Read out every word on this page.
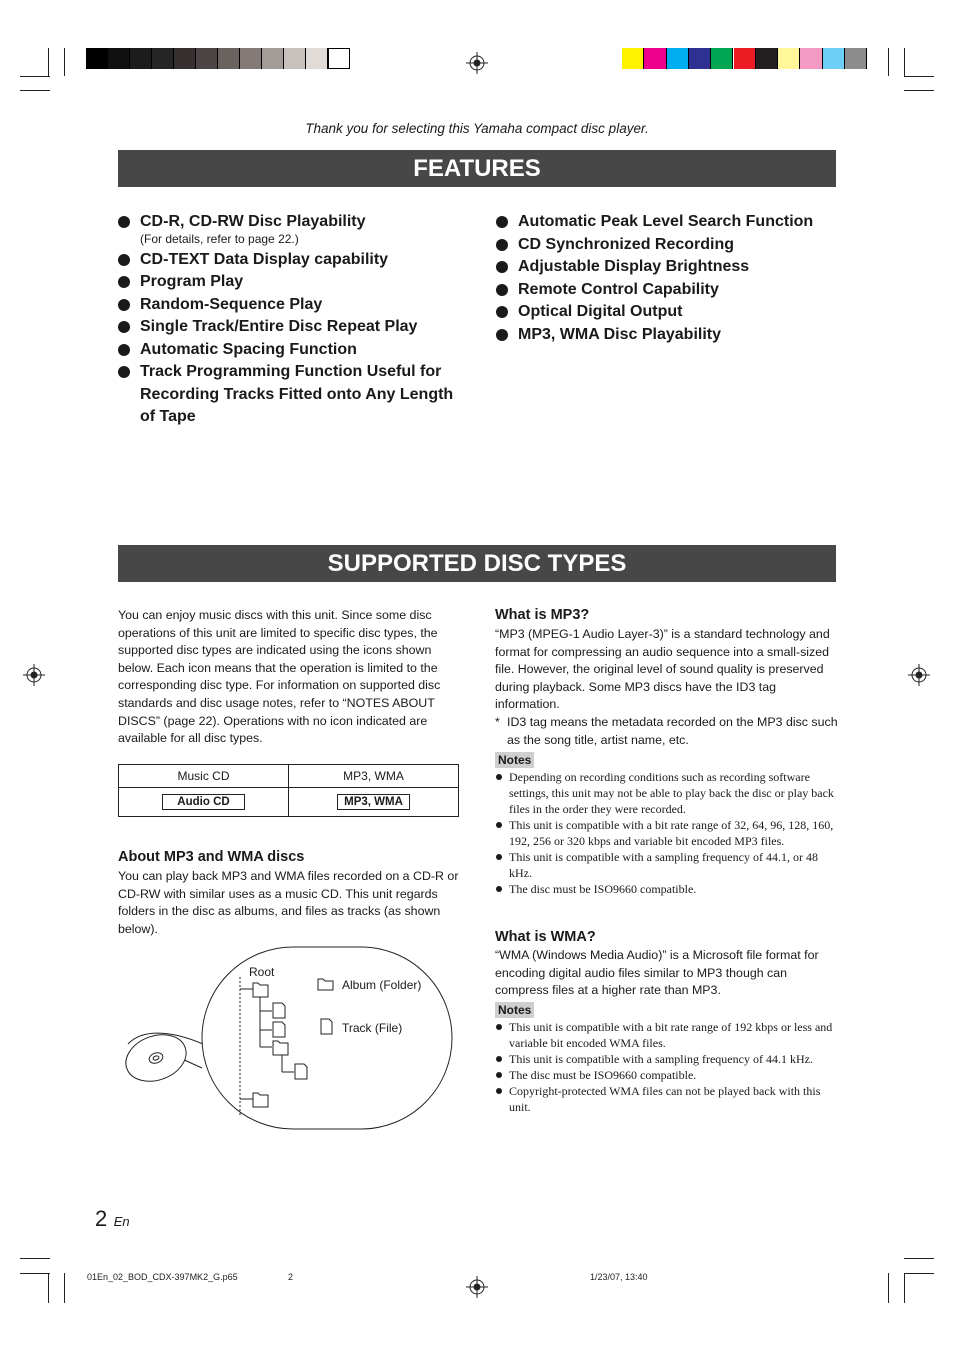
Thank you for selecting this Yamaha compact disc player.
FEATURES
CD-R, CD-RW Disc Playability
(For details, refer to page 22.)
CD-TEXT Data Display capability
Program Play
Random-Sequence Play
Single Track/Entire Disc Repeat Play
Automatic Spacing Function
Track Programming Function Useful for Recording Tracks Fitted onto Any Length of Tape
Automatic Peak Level Search Function
CD Synchronized Recording
Adjustable Display Brightness
Remote Control Capability
Optical Digital Output
MP3, WMA Disc Playability
SUPPORTED DISC TYPES
You can enjoy music discs with this unit. Since some disc operations of this unit are limited to specific disc types, the supported disc types are indicated using the icons shown below. Each icon means that the operation is limited to the corresponding disc type. For information on supported disc standards and disc usage notes, refer to “NOTES ABOUT DISCS” (page 22). Operations with no icon indicated are available for all disc types.
Music CD	MP3, WMA
Audio CD	MP3, WMA
About MP3 and WMA discs
You can play back MP3 and WMA files recorded on a CD-R or CD-RW with similar uses as a music CD. This unit regards folders in the disc as albums, and files as tracks (as shown below).
Root
Album (Folder)
Track (File)
What is MP3?
“MP3 (MPEG-1 Audio Layer-3)” is a standard technology and format for compressing an audio sequence into a small-sized file. However, the original level of sound quality is preserved during playback. Some MP3 discs have the ID3 tag information.
* ID3 tag means the metadata recorded on the MP3 disc such as the song title, artist name, etc.
Notes
Depending on recording conditions such as recording software settings, this unit may not be able to play back the disc or play back files in the order they were recorded.
This unit is compatible with a bit rate range of 32, 64, 96, 128, 160, 192, 256 or 320 kbps and variable bit encoded MP3 files.
This unit is compatible with a sampling frequency of 44.1, or 48 kHz.
The disc must be ISO9660 compatible.
What is WMA?
“WMA (Windows Media Audio)” is a Microsoft file format for encoding digital audio files similar to MP3 though can compress files at a higher rate than MP3.
Notes
This unit is compatible with a bit rate range of 192 kbps or less and variable bit encoded WMA files.
This unit is compatible with a sampling frequency of 44.1 kHz.
The disc must be ISO9660 compatible.
Copyright-protected WMA files can not be played back with this unit.
2 En
01En_02_BOD_CDX-397MK2_G.p65	2	1/23/07, 13:40
